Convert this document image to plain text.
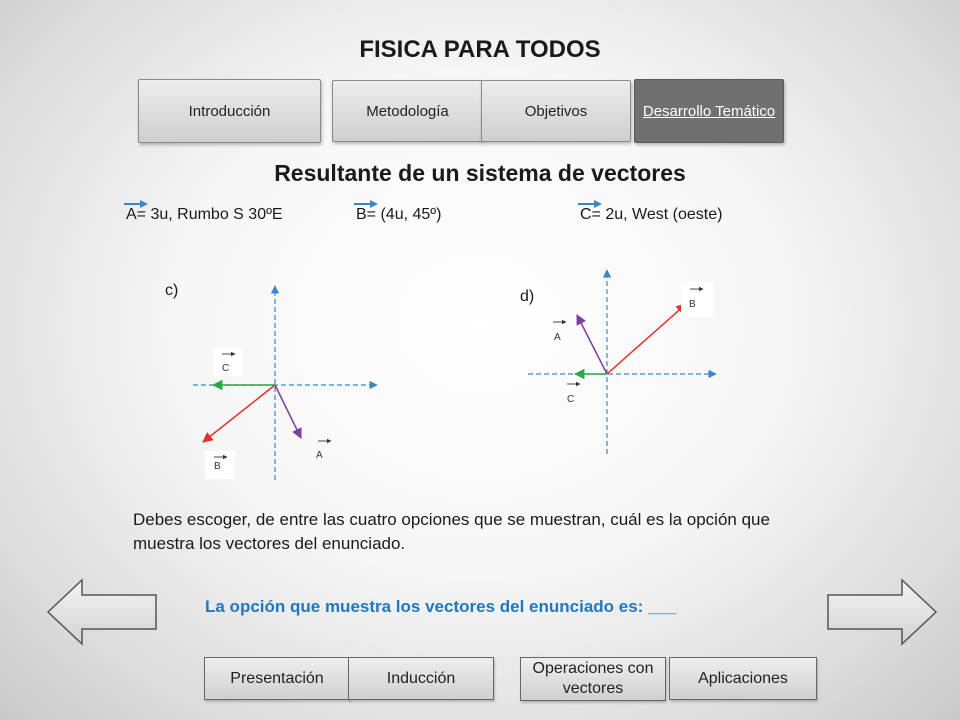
FISICA PARA TODOS
Introducción	Metodología	Objetivos	Desarrollo Temático
Resultante de un sistema de vectores
A= 3u, Rumbo S 30ºE	B= (4u, 45º)	C= 2u, West (oeste)
c)
C
B
A
d)	B
A
C
Debes escoger, de entre las cuatro opciones que se muestran, cuál es la opción que muestra los vectores del enunciado.
La opción que muestra los vectores del enunciado es: ___
Presentación	Inducción
Operaciones con vectores
Aplicaciones
